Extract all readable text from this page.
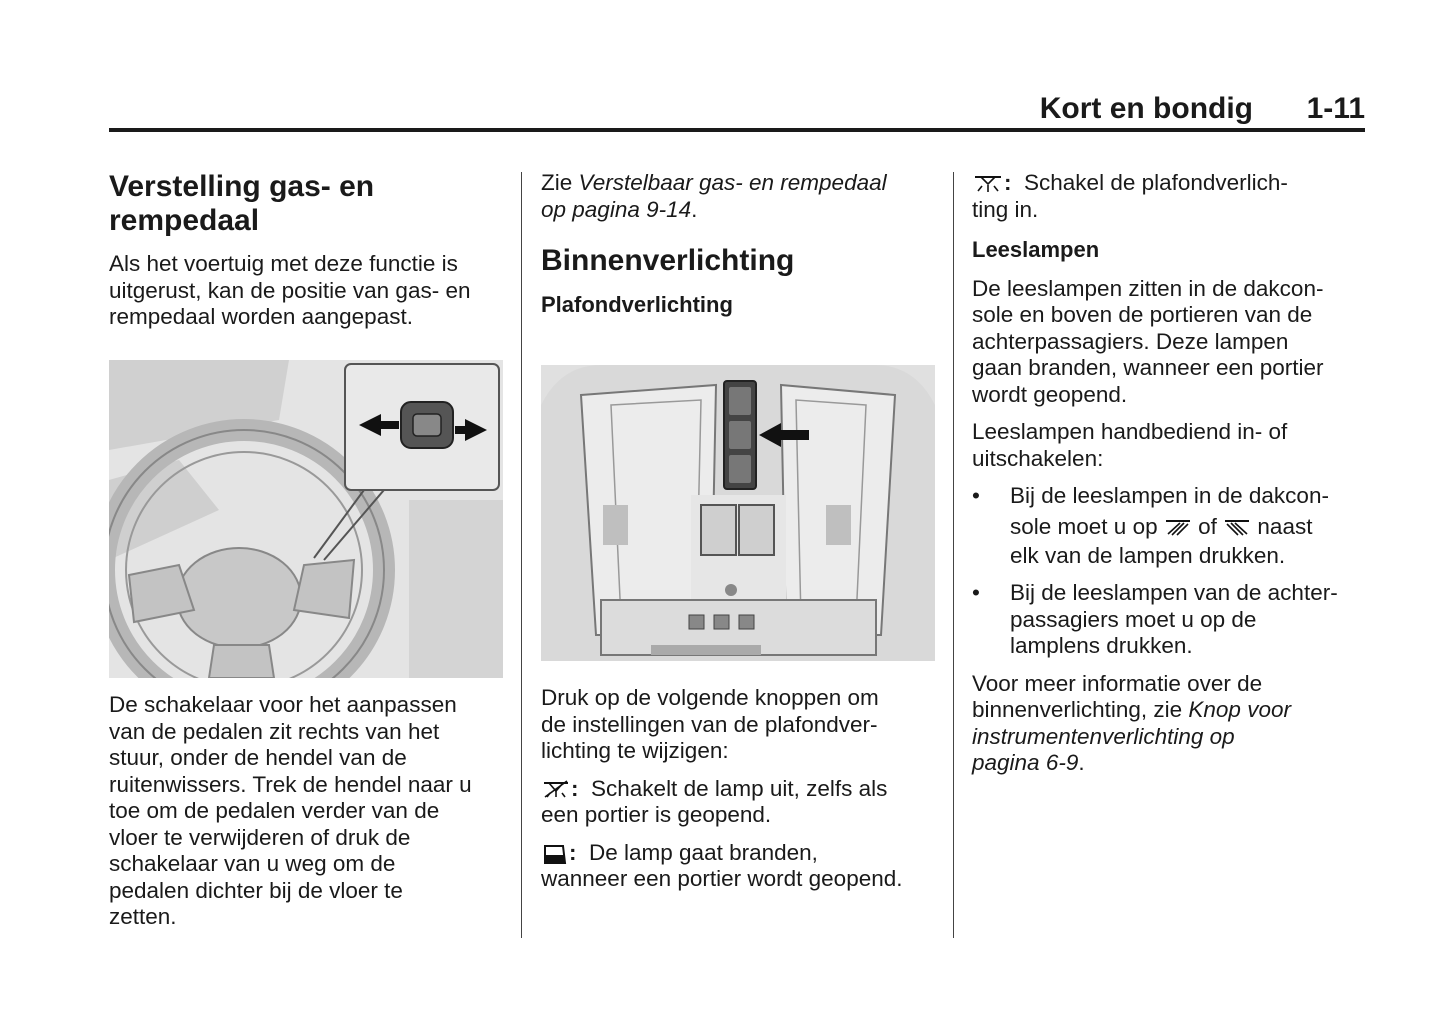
Kort en bondig 1-11
Verstelling gas- en
rempedaal

Als het voertuig met deze functie is
uitgerust, kan de positie van gas- en
rempedaal worden aangepast.

De schakelaar voor het aanpassen
van de pedalen zit rechts van het
stuur, onder de hendel van de
ruitenwissers. Trek de hendel naar u
toe om de pedalen verder van de
vloer te verwijderen of druk de
schakelaar van u weg om de
pedalen dichter bij de vloer te
zetten.

Zie Verstelbaar gas- en rempedaal
op pagina 9-14.

Binnenverlichting
Plafondverlichting

Druk op de volgende knoppen om
de instellingen van de plafondver-
lichting te wijzigen:

: Schakelt de lamp uit, zelfs als
een portier is geopend.

: De lamp gaat branden,
wanneer een portier wordt geopend.

: Schakel de plafondverlich-
ting in.

Leeslampen

De leeslampen zitten in de dakcon-
sole en boven de portieren van de
achterpassagiers. Deze lampen
gaan branden, wanneer een portier
wordt geopend.

Leeslampen handbediend in- of
uitschakelen:

• Bij de leeslampen in de dakcon-
sole moet u op of naast
elk van de lampen drukken.
• Bij de leeslampen van de achter-
passagiers moet u op de
lamplens drukken.

Voor meer informatie over de
binnenverlichting, zie Knop voor
instrumentenverlichting op
pagina 6-9.
